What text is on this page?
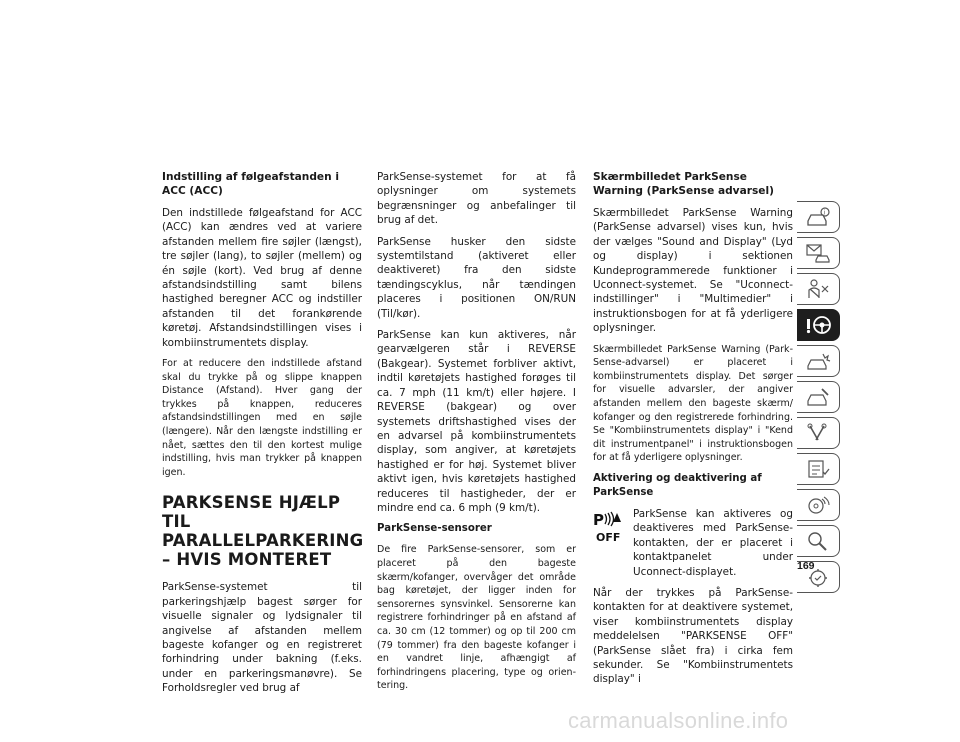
Indstilling af følgeafstanden i ACC (ACC)

Den indstillede følgeafstand for ACC (ACC) kan ændres ved at variere afstanden mellem fire søjler (længst), tre søjler (lang), to søjler (mellem) og én søjle (kort). Ved brug af denne afstandsindstilling samt bilens hastighed beregner ACC og indstiller afstanden til det forankørende køretøj. Afstandsindstillingen vises i kombiinstrumentets display.

For at reducere den indstillede afstand skal du trykke på og slippe knappen Distance (Afstand). Hver gang der trykkes på knappen, reduceres afstandsindstillingen med en søjle (længere). Når den længste indstilling er nået, sættes den til den kortest mulige indstilling, hvis man trykker på knappen igen.

PARKSENSE HJÆLP TIL PARALLELPARKERING – HVIS MONTERET

ParkSense-systemet til parkeringshjælp bagest sørger for visuelle signaler og lydsignaler til angivelse af afstanden mellem bageste kofanger og en registreret forhindring under bakning (f.eks. under en parkeringsmanøvre). Se Forholdsregler ved brug af

ParkSense-systemet for at få oplysninger om systemets begrænsninger og anbefalinger til brug af det.

ParkSense husker den sidste systemtilstand (aktiveret eller deaktiveret) fra den sidste tændingscyklus, når tændingen placeres i positionen ON/RUN (Til/kør).

ParkSense kan kun aktiveres, når gearvælgeren står i REVERSE (Bakgear). Systemet forbliver aktivt, indtil køretøjets hastighed forøges til ca. 7 mph (11 km/t) eller højere. I REVERSE (bakgear) og over systemets driftshastighed vises der en advarsel på kombiinstrumentets display, som angiver, at køretøjets hastighed er for høj. Systemet bliver aktivt igen, hvis køretøjets hastighed reduceres til hastigheder, der er mindre end ca. 6 mph (9 km/t).

ParkSense-sensorer

De fire ParkSense-sensorer, som er placeret på den bageste skærm/kofanger, overvåger det område bag køretøjet, der ligger inden for sensorernes synsvinkel. Sensorerne kan registrere forhindringer på en afstand af ca. 30 cm (12 tommer) og op til 200 cm (79 tommer) fra den bageste kofanger i en vandret linje, afhængigt af forhindringens placering, type og orientering.

Skærmbilledet ParkSense Warning (ParkSense advarsel)

Skærmbilledet ParkSense Warning (ParkSense advarsel) vises kun, hvis der vælges "Sound and Display" (Lyd og display) i sektionen Kundeprogrammerede funktioner i Uconnect-systemet. Se "Uconnect-indstillinger" i "Multimedier" i instruktionsbogen for at få yderligere oplysninger.

Skærmbilledet ParkSense Warning (ParkSense-advarsel) er placeret i kombiinstrumentets display. Det sørger for visuelle advarsler, der angiver afstanden mellem den bageste skærm/ kofanger og den registrerede forhindring. Se "Kombiinstrumentets display" i "Kend dit instrumentpanel" i instruktionsbogen for at få yderligere oplysninger.

Aktivering og deaktivering af ParkSense
P
OFF

ParkSense kan aktiveres og deaktiveres med ParkSense-kontakten, der er placeret i kontaktpanelet under Uconnect-displayet.

Når der trykkes på ParkSense-kontakten for at deaktivere systemet, viser kombiinstrumentets display meddelelsen "PARKSENSE OFF" (ParkSense slået fra) i cirka fem sekunder. Se "Kombiinstrumentets display" i

i
169
carmanualsonline.info
